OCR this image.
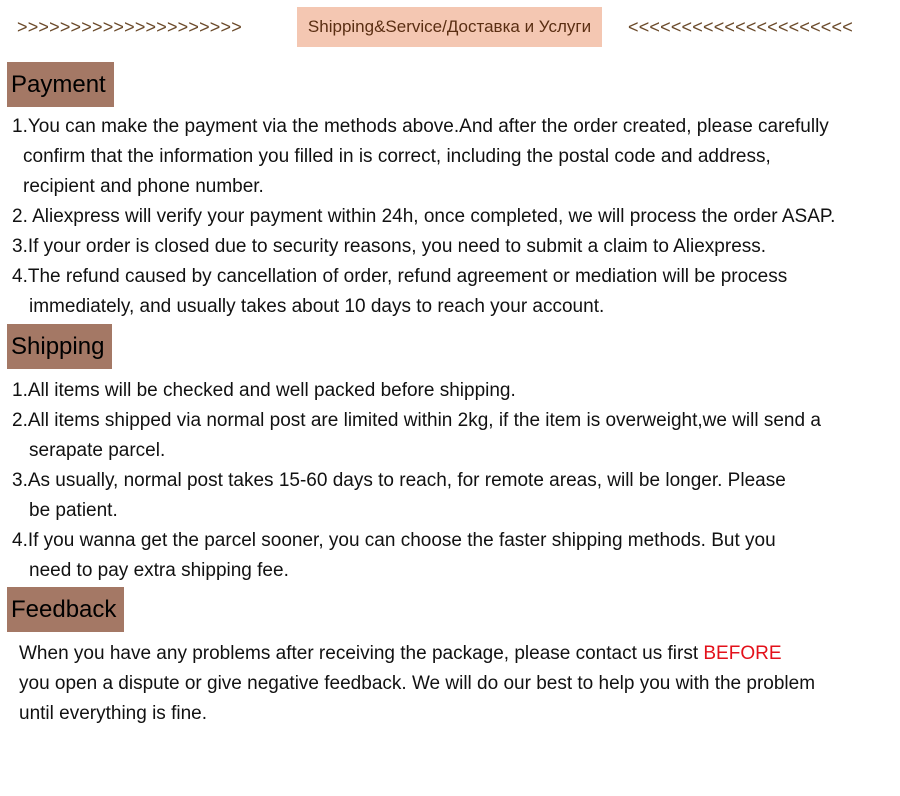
>>>>>>>>>>>>>>>>>>>>>	Shipping&Service/Доставка и Услуги	<<<<<<<<<<<<<<<<<<<<<
Payment
1.You can make the payment via the methods above.And after the order created, please carefully
confirm that the information you filled in is correct, including the postal code and address,
recipient and phone number.
2. Aliexpress will verify your payment within 24h, once completed, we will process the order ASAP.
3.If your order is closed due to security reasons, you need to submit a claim to Aliexpress.
4.The refund caused by cancellation of order, refund agreement or mediation will be process
immediately, and usually takes about 10 days to reach your account.
Shipping
1.All items will be checked and well packed before shipping.
2.All items shipped via normal post are limited within 2kg, if the item is overweight,we will send a
serapate parcel.
3.As usually, normal post takes 15-60 days to reach, for remote areas, will be longer. Please
be patient.
4.If you wanna get the parcel sooner, you can choose the faster shipping methods. But you
need to pay extra shipping fee.
Feedback
When you have any problems after receiving the package, please contact us first BEFORE
you open a dispute or give negative feedback. We will do our best to help you with the problem
until everything is fine.
